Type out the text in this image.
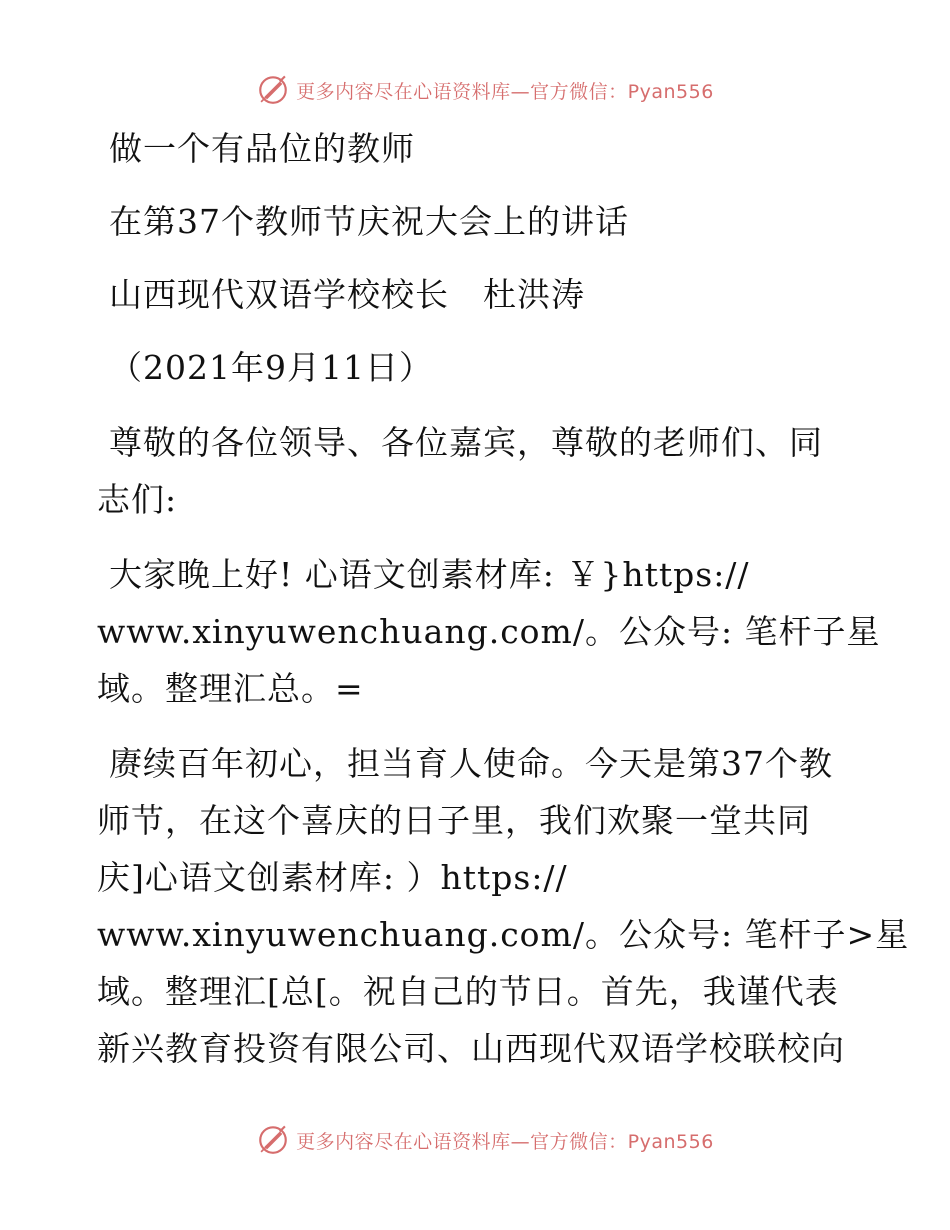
更多内容尽在心语资料库—官方微信：Pyan556
做一个有品位的教师
在第37个教师节庆祝大会上的讲话
山西现代双语学校校长　杜洪涛
（2021年9月11日）
尊敬的各位领导、各位嘉宾，尊敬的老师们、同
志们:
大家晚上好! 心语文创素材库: ￥}https://
www.xinyuwenchuang.com/。公众号: 笔杆子星
域。整理汇总。=
赓续百年初心，担当育人使命。今天是第37个教
师节，在这个喜庆的日子里，我们欢聚一堂共同
庆]心语文创素材库: ）https://
www.xinyuwenchuang.com/。公众号: 笔杆子>星
域。整理汇[总[。祝自己的节日。首先，我谨代表
新兴教育投资有限公司、山西现代双语学校联校向
更多内容尽在心语资料库—官方微信：Pyan556
